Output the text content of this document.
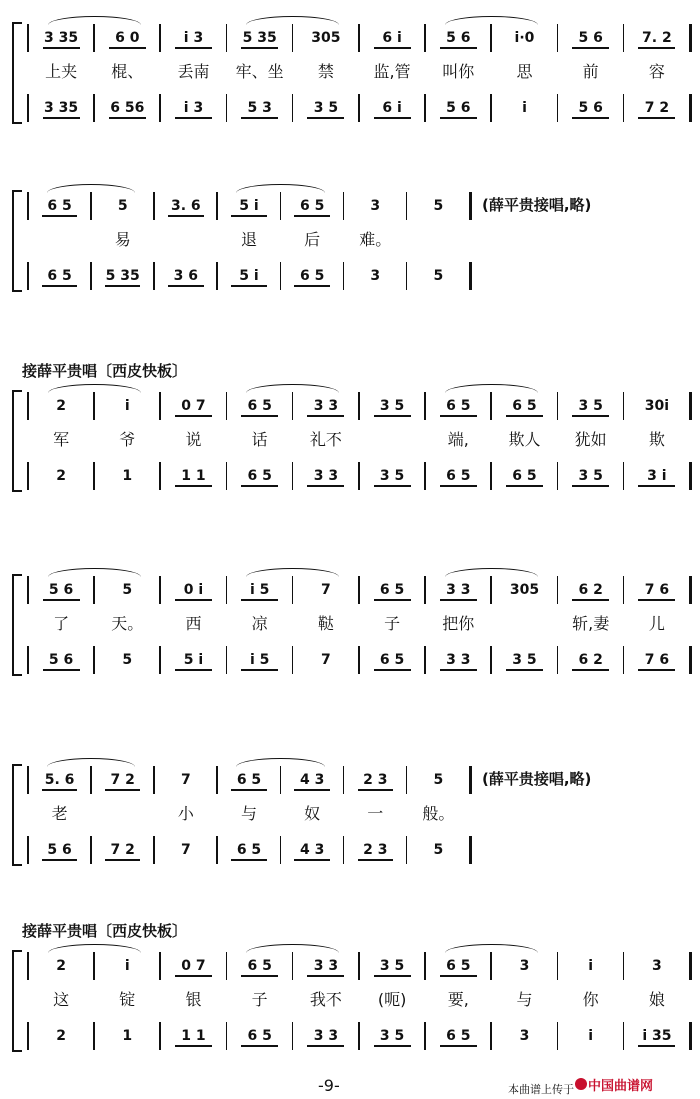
3 35	6 0	i 3	5 35	305	6 i	5 6	i·0	5 6	7. 2
上夹	棍、	丢南	牢、坐	禁	监,管	叫你	思	前	容
3 35	6 56	i 3	5 3	3 5	6 i	5 6	i	5 6	7 2
6 5	5	3. 6	5 i	6 5	3	5
易	退	后	难。
6 5	5 35	3 6	5 i	6 5	3	5
(薛平贵接唱,略)
接薛平贵唱〔西皮快板〕
2	i	0 7	6 5	3 3	3 5	6 5	6 5	3 5	30i
军	爷	说	话	礼不	端,	欺人	犹如	欺
2	1	1 1	6 5	3 3	3 5	6 5	6 5	3 5	3 i
5 6	5	0 i	i 5	7	6 5	3 3	305	6 2	7 6
了	天。	西	凉	鞑	子	把你	斩,妻	儿
5 6	5	5 i	i 5	7	6 5	3 3	3 5	6 2	7 6
5. 6	7 2	7	6 5	4 3	2 3	5
老	小	与	奴	一	般。
5 6	7 2	7	6 5	4 3	2 3	5
(薛平贵接唱,略)
接薛平贵唱〔西皮快板〕
2	i	0 7	6 5	3 3	3 5	6 5	3	i	3
这	锭	银	子	我不	(呃)	要,	与	你	娘
2	1	1 1	6 5	3 3	3 5	6 5	3	i	i 35
-9-	本曲谱上传于 中国曲谱网
